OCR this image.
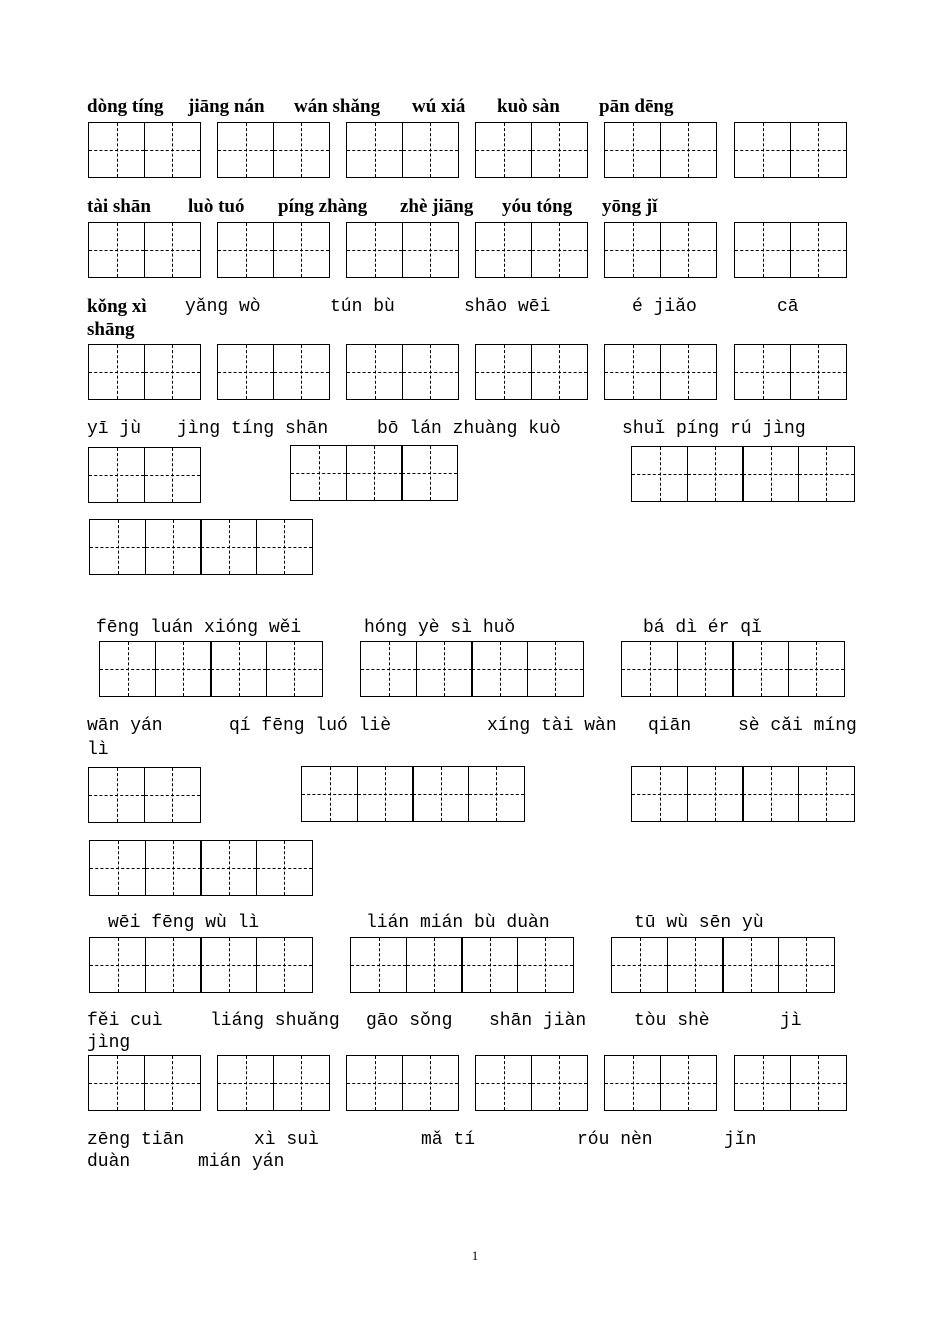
dòng tíng jiāng nán wán shǎng wú xiá kuò sàn pān dēng
tài shān luò tuó píng zhàng zhè jiāng yóu tóng yōng jǐ
kǒng xì yǎng wò	tún bù	shāo wēi	é jiǎo	cā
shāng
yī jù jìng tíng shān	bō lán zhuàng kuò	shuǐ píng rú jìng
fēng luán xióng wěi	hóng yè sì huǒ	bá dì ér qǐ
wān yán	qí fēng luó liè	xíng tài wàn qiān	sè cǎi míng
lì
wēi fēng wù lì	lián mián bù duàn	tū wù sēn yù
fěi cuì	liáng shuǎng gāo sǒng shān jiàn	tòu shè	jì
jìng
zēng tiān	xì suì	mǎ tí	róu nèn	jǐn
duàn	mián yán
1
